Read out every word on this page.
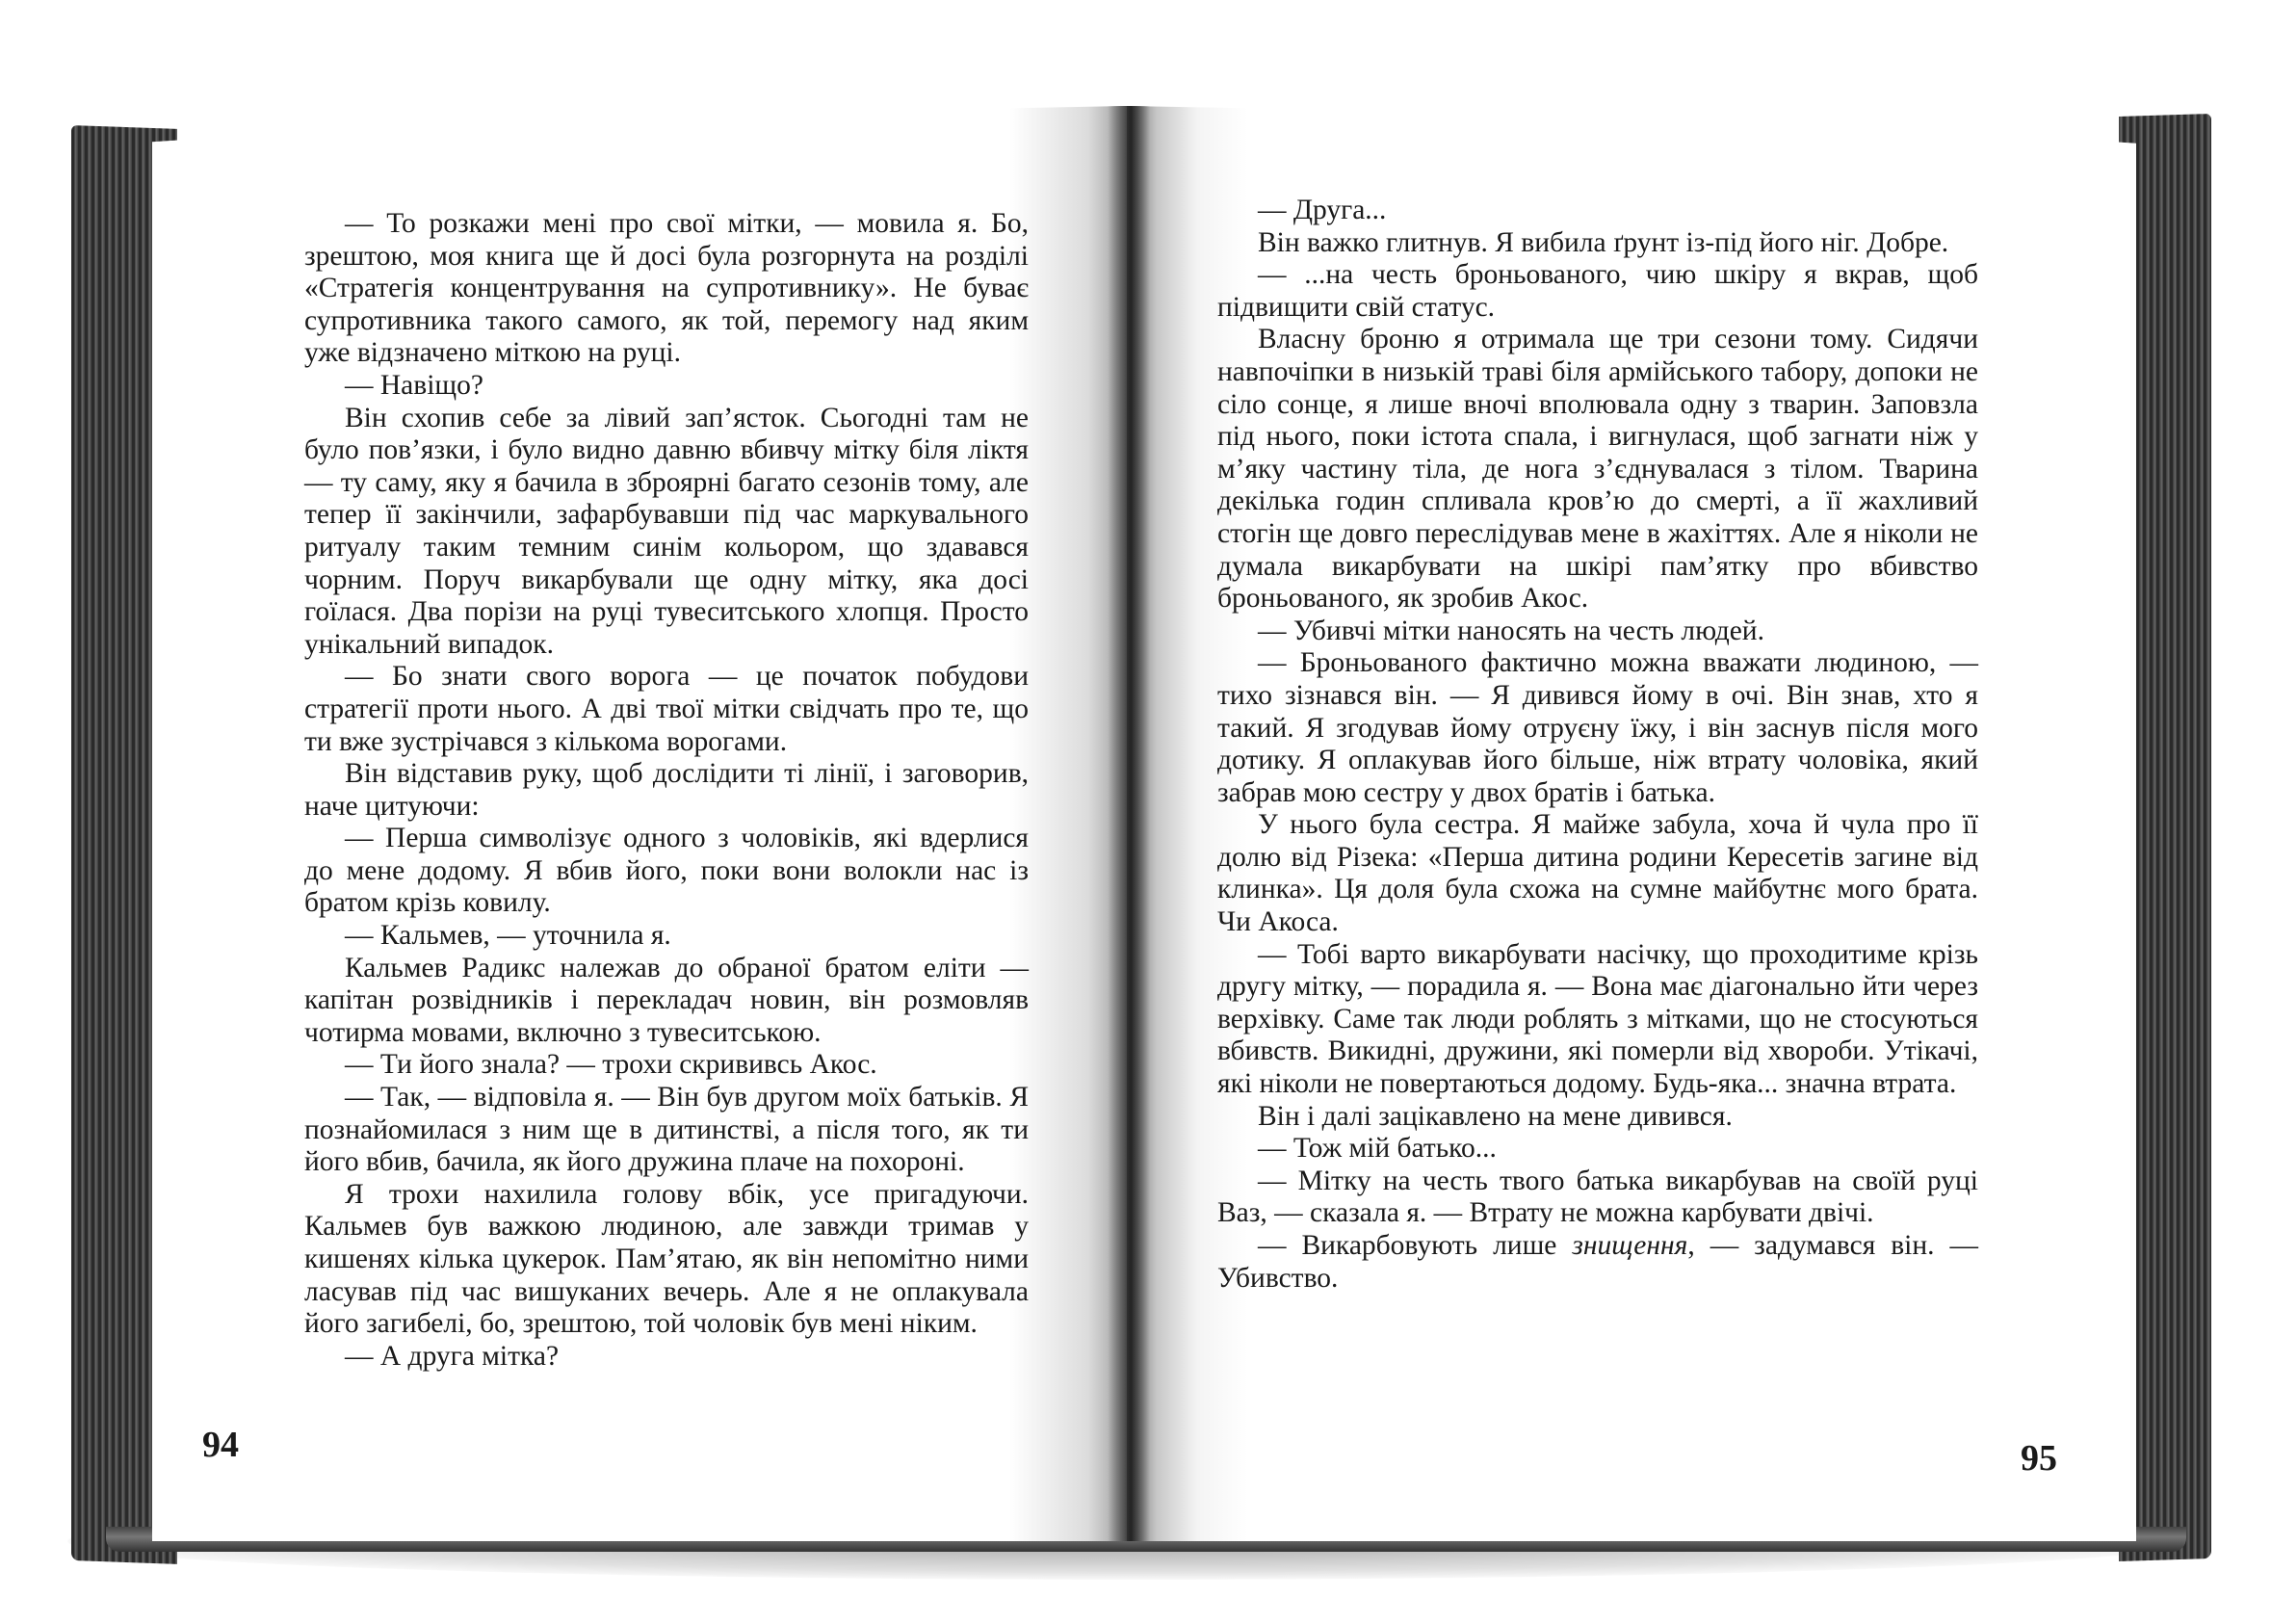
— То розкажи мені про свої мітки, — мовила я. Бо, зрештою, моя книга ще й досі була розгорнута на розділі «Стратегія концентрування на супротивнику». Не буває супротивника такого самого, як той, перемогу над яким уже відзначено міткою на руці.

— Навіщо?

Він схопив себе за лівий зап’ясток. Сьогодні там не було пов’язки, і було видно давню вбивчу мітку біля ліктя — ту саму, яку я бачила в зброярні багато сезонів тому, але тепер її закінчили, зафарбувавши під час маркувального ритуалу таким темним синім кольором, що здавався чорним. Поруч викарбували ще одну мітку, яка досі гоїлася. Два порізи на руці тувеситського хлопця. Просто унікальний випадок.

— Бо знати свого ворога — це початок побудови стратегії проти нього. А дві твої мітки свідчать про те, що ти вже зустрічався з кількома ворогами.

Він відставив руку, щоб дослідити ті лінії, і заговорив, наче цитуючи:

— Перша символізує одного з чоловіків, які вдерлися до мене додому. Я вбив його, поки вони волокли нас із братом крізь ковилу.

— Кальмев, — уточнила я.

Кальмев Радикс належав до обраної братом еліти — капітан розвідників і перекладач новин, він розмовляв чотирма мовами, включно з тувеситською.

— Ти його знала? — трохи скрививсь Акос.

— Так, — відповіла я. — Він був другом моїх батьків. Я познайомилася з ним ще в дитинстві, а після того, як ти його вбив, бачила, як його дружина плаче на похороні.

Я трохи нахилила голову вбік, усе пригадуючи. Кальмев був важкою людиною, але завжди тримав у кишенях кілька цукерок. Пам’ятаю, як він непомітно ними ласував під час вишуканих вечерь. Але я не оплакувала його загибелі, бо, зрештою, той чоловік був мені ніким.

— А друга мітка?

94

— Друга...

Він важко глитнув. Я вибила ґрунт із-під його ніг. Добре.

— ...на честь броньованого, чию шкіру я вкрав, щоб підвищити свій статус.

Власну броню я отримала ще три сезони тому. Сидячи навпочіпки в низькій траві біля армійського табору, допоки не сіло сонце, я лише вночі вполювала одну з тварин. Заповзла під нього, поки істота спала, і вигнулася, щоб загнати ніж у м’яку частину тіла, де нога з’єднувалася з тілом. Тварина декілька годин спливала кров’ю до смерті, а її жахливий стогін ще довго переслідував мене в жахіттях. Але я ніколи не думала викарбувати на шкірі пам’ятку про вбивство броньованого, як зробив Акос.

— Убивчі мітки наносять на честь людей.

— Броньованого фактично можна вважати людиною, — тихо зізнався він. — Я дивився йому в очі. Він знав, хто я такий. Я згодував йому отруєну їжу, і він заснув після мого дотику. Я оплакував його більше, ніж втрату чоловіка, який забрав мою сестру у двох братів і батька.

У нього була сестра. Я майже забула, хоча й чула про її долю від Різека: «Перша дитина родини Кересетів загине від клинка». Ця доля була схожа на сумне майбутнє мого брата. Чи Акоса.

— Тобі варто викарбувати насічку, що проходитиме крізь другу мітку, — порадила я. — Вона має діагонально йти через верхівку. Саме так люди роблять з мітками, що не стосуються вбивств. Викидні, дружини, які померли від хвороби. Утікачі, які ніколи не повертаються додому. Будь-яка... значна втрата.

Він і далі зацікавлено на мене дивився.

— Тож мій батько...

— Мітку на честь твого батька викарбував на своїй руці Ваз, — сказала я. — Втрату не можна карбувати двічі.

— Викарбовують лише знищення, — задумався він. — Убивство.

95
